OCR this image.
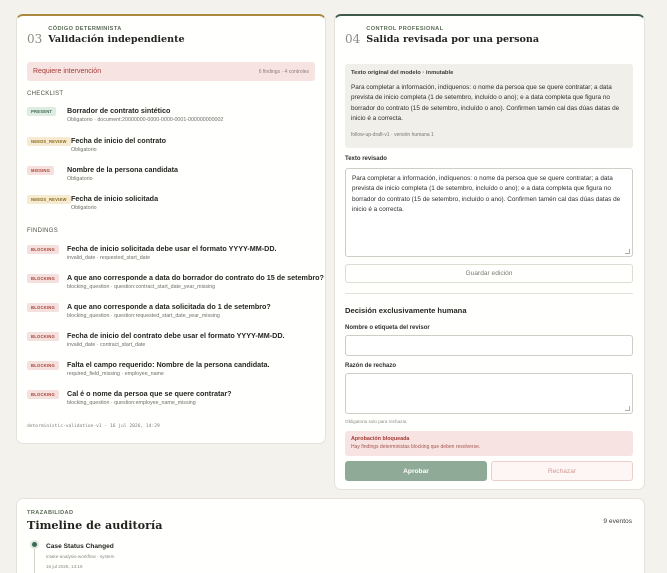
03
CÓDIGO DETERMINISTA
Validación independiente
Requiere intervención	6 findings · 4 controles
CHECKLIST
PRESENT	Borrador de contrato sintético
Obligatorio · document:20000000-0000-0000-0001-000000000002
NEEDS_REVIEW Fecha de inicio del contrato
Obligatorio
MISSING	Nombre de la persona candidata
Obligatorio
NEEDS_REVIEW Fecha de inicio solicitada
Obligatorio
FINDINGS
BLOCKING	Fecha de inicio solicitada debe usar el formato YYYY-MM-DD.
invalid_date · requested_start_date
BLOCKING	A que ano corresponde a data do borrador do contrato do 15 de setembro?
blocking_question · question:contract_start_date_year_missing
BLOCKING	A que ano corresponde a data solicitada do 1 de setembro?
blocking_question · question:requested_start_date_year_missing
BLOCKING	Fecha de inicio del contrato debe usar el formato YYYY-MM-DD.
invalid_date · contract_start_date
BLOCKING	Falta el campo requerido: Nombre de la persona candidata.
required_field_missing · employee_name
BLOCKING	Cal é o nome da persoa que se quere contratar?
blocking_question · question:employee_name_missing
deterministic-validation-v1 · 16 jul 2026, 14:29
04
CONTROL PROFESIONAL
Salida revisada por una persona
Texto original del modelo · inmutable
Para completar a información, indíquenos: o nome da persoa que se quere contratar; a data prevista de inicio completa (1 de setembro, incluído o ano); e a data completa que figura no borrador do contrato (15 de setembro, incluído o ano). Confirmen tamén cal das dúas datas de inicio é a correcta.
follow-up-draft-v1 · versión humana 1
Texto revisado
Para completar a información, indíquenos: o nome da persoa que se quere contratar; a data prevista de inicio completa (1 de setembro, incluído o ano); e a data completa que figura no borrador do contrato (15 de setembro, incluído o ano). Confirmen tamén cal das dúas datas de inicio é a correcta.
Guardar edición
Decisión exclusivamente humana
Nombre o etiqueta del revisor
Razón de rechazo
Obligatoria solo para rechazar.
Aprobación bloqueada
Hay findings deterministas blocking que deben resolverse.
Aprobar	Rechazar
TRAZABILIDAD
Timeline de auditoría	9 eventos
Case Status Changed
intake-analysis-workflow · system
16 jul 2026, 14:16
